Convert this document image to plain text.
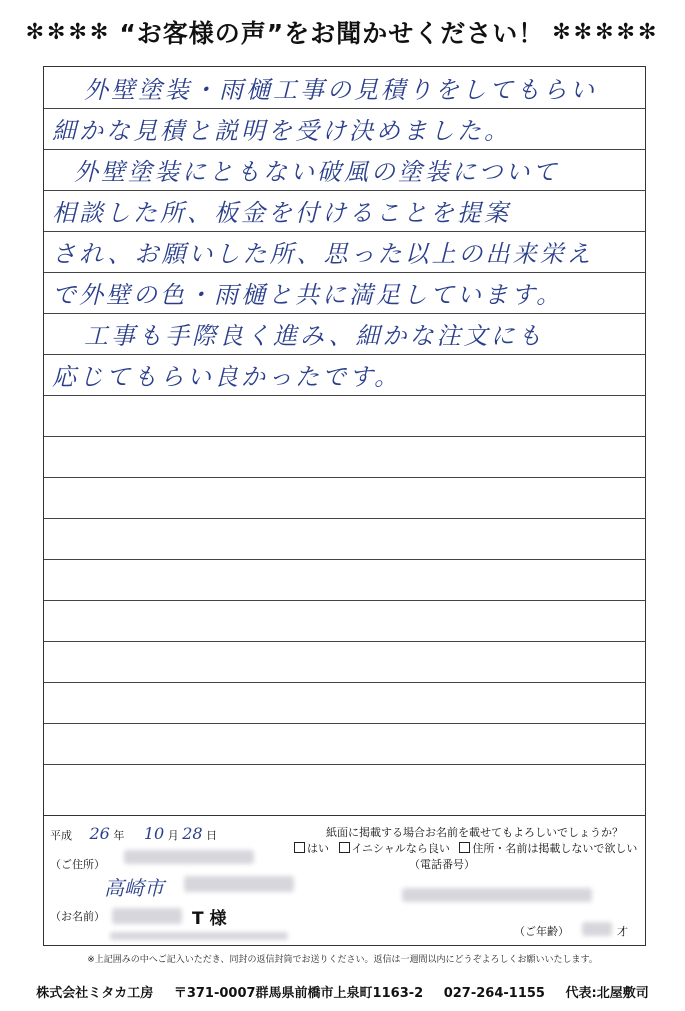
✻✻✻✻ “お客様の声”をお聞かせください！ ✻✻✻✻✻
外壁塗装・雨樋工事の見積りをしてもらい
細かな見積と説明を受け決めました。
外壁塗装にともない破風の塗装について
相談した所、板金を付けることを提案
され、お願いした所、思った以上の出来栄え
で外壁の色・雨樋と共に満足しています。
工事も手際良く進み、細かな注文にも
応じてもらい良かったです。
平成 26 年 10 月 28 日	紙面に掲載する場合お名前を載せてもよろしいでしょうか？
はい イニシャルなら良い 住所・名前は掲載しないで欲しい
（ご住所）
高崎市
（電話番号）
（お名前）	T 様
（ご年齢）	才
※上記囲みの中へご記入いただき、同封の返信封筒でお送りください。返信は一週間以内にどうぞよろしくお願いいたします。
株式会社ミタカ工房 〒371-0007群馬県前橋市上泉町1163-2 027-264-1155 代表:北屋敷司
